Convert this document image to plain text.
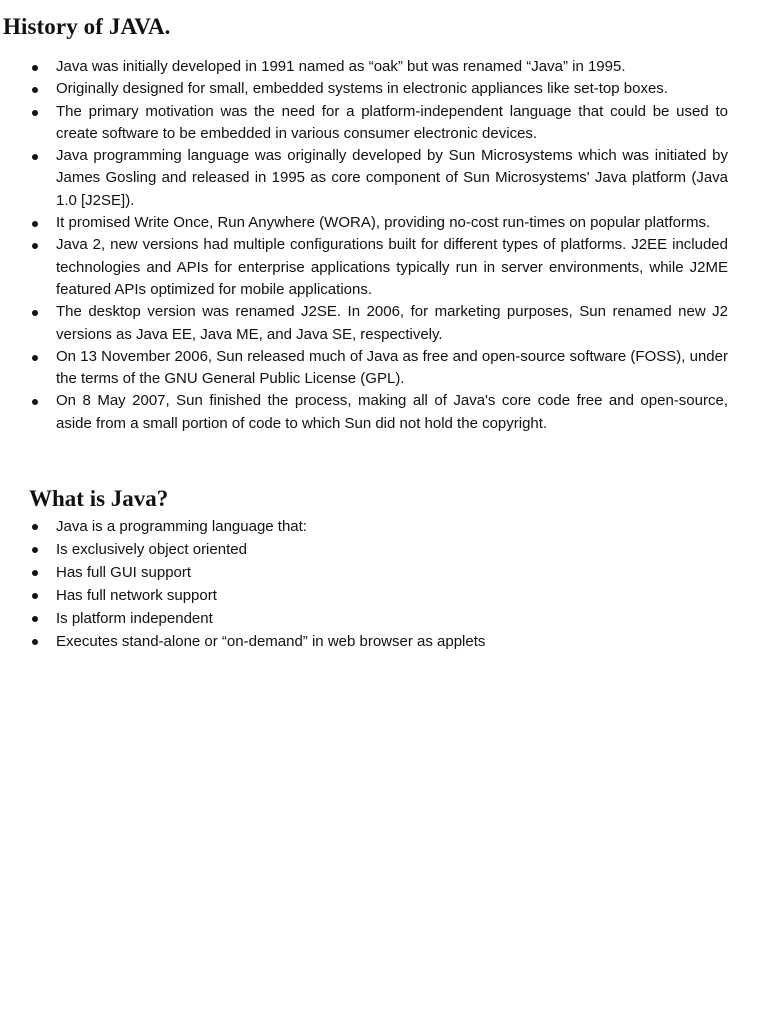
History of JAVA.
Java was initially developed in 1991 named as “oak” but was renamed “Java” in 1995.
Originally designed for small, embedded systems in electronic appliances like set-top boxes.
The primary motivation was the need for a platform-independent language that could be used to create software to be embedded in various consumer electronic devices.
Java programming language was originally developed by Sun Microsystems which was initiated by James Gosling and released in 1995 as core component of Sun Microsystems' Java platform (Java 1.0 [J2SE]).
It promised Write Once, Run Anywhere (WORA), providing no-cost run-times on popular platforms.
Java 2, new versions had multiple configurations built for different types of platforms. J2EE included technologies and APIs for enterprise applications typically run in server environments, while J2ME featured APIs optimized for mobile applications.
The desktop version was renamed J2SE. In 2006, for marketing purposes, Sun renamed new J2 versions as Java EE, Java ME, and Java SE, respectively.
On 13 November 2006, Sun released much of Java as free and open-source software (FOSS), under the terms of the GNU General Public License (GPL).
On 8 May 2007, Sun finished the process, making all of Java's core code free and open-source, aside from a small portion of code to which Sun did not hold the copyright.
What is Java?
Java is a programming language that:
Is exclusively object oriented
Has full GUI support
Has full network support
Is platform independent
Executes stand-alone or “on-demand” in web browser as applets
